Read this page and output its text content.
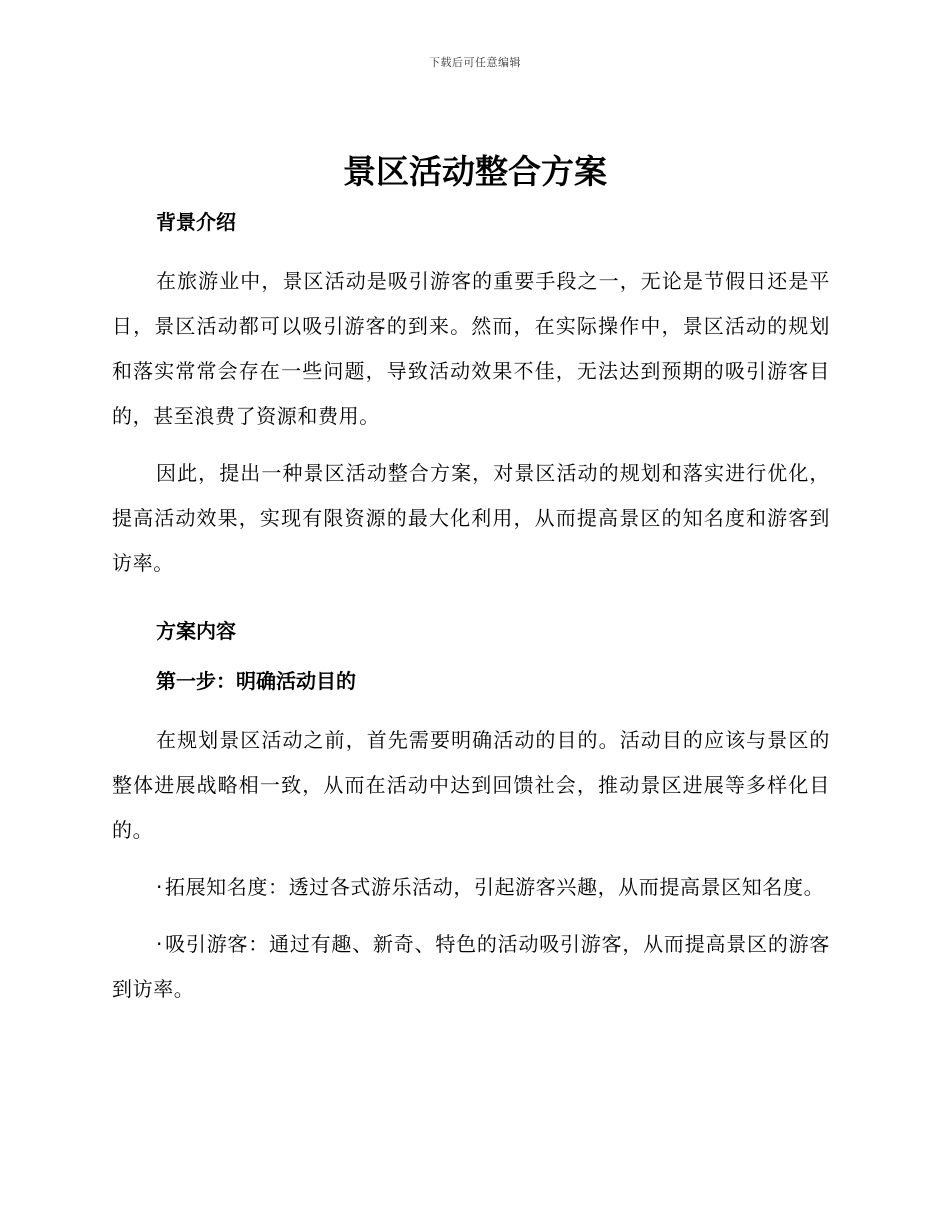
下载后可任意编辑
景区活动整合方案

背景介绍

在旅游业中，景区活动是吸引游客的重要手段之一，无论是节假日还是平日，景区活动都可以吸引游客的到来。然而，在实际操作中，景区活动的规划和落实常常会存在一些问题，导致活动效果不佳，无法达到预期的吸引游客目的，甚至浪费了资源和费用。

因此，提出一种景区活动整合方案，对景区活动的规划和落实进行优化，提高活动效果，实现有限资源的最大化利用，从而提高景区的知名度和游客到访率。

方案内容

第一步：明确活动目的

在规划景区活动之前，首先需要明确活动的目的。活动目的应该与景区的整体进展战略相一致，从而在活动中达到回馈社会，推动景区进展等多样化目的。

· 拓展知名度：透过各式游乐活动，引起游客兴趣，从而提高景区知名度。

· 吸引游客：通过有趣、新奇、特色的活动吸引游客，从而提高景区的游客到访率。
